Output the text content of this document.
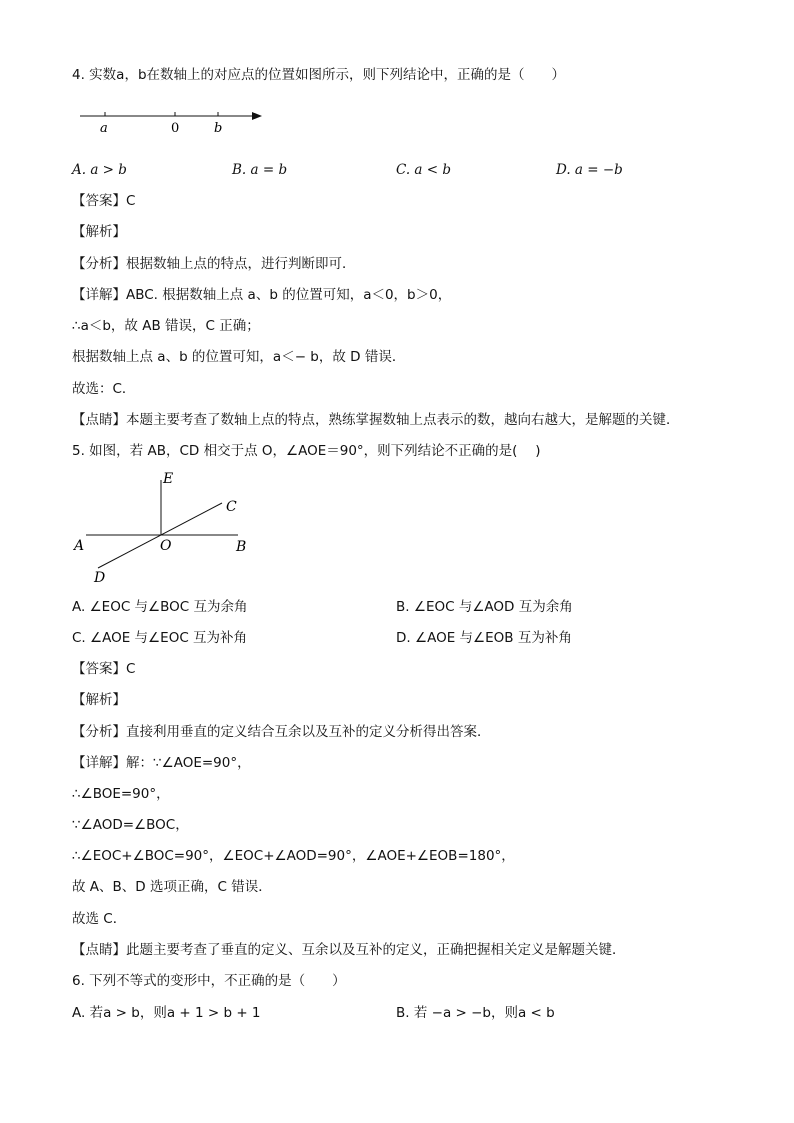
4. 实数a，b在数轴上的对应点的位置如图所示，则下列结论中，正确的是（　　）
a	0	b
A. a > b	B. a = b	C. a < b	D. a = −b
【答案】C
【解析】
【分析】根据数轴上点的特点，进行判断即可．
【详解】ABC. 根据数轴上点 a、b 的位置可知，a＜0，b＞0，
∴a＜b，故 AB 错误，C 正确；
根据数轴上点 a、b 的位置可知，a＜− b，故 D 错误．
故选：C．
【点睛】本题主要考查了数轴上点的特点，熟练掌握数轴上点表示的数，越向右越大，是解题的关键．
5. 如图，若 AB，CD 相交于点 O，∠AOE＝90°，则下列结论不正确的是(　 )
E
C
A	O	B
D
A. ∠EOC 与∠BOC 互为余角	B. ∠EOC 与∠AOD 互为余角
C. ∠AOE 与∠EOC 互为补角	D. ∠AOE 与∠EOB 互为补角
【答案】C
【解析】
【分析】直接利用垂直的定义结合互余以及互补的定义分析得出答案．
【详解】解：∵∠AOE=90°，
∴∠BOE=90°，
∵∠AOD=∠BOC，
∴∠EOC+∠BOC=90°，∠EOC+∠AOD=90°，∠AOE+∠EOB=180°，
故 A、B、D 选项正确，C 错误．
故选 C．
【点睛】此题主要考查了垂直的定义、互余以及互补的定义，正确把握相关定义是解题关键．
6. 下列不等式的变形中，不正确的是（　　）
A. 若a > b，则a + 1 > b + 1	B. 若 −a > −b，则a < b
